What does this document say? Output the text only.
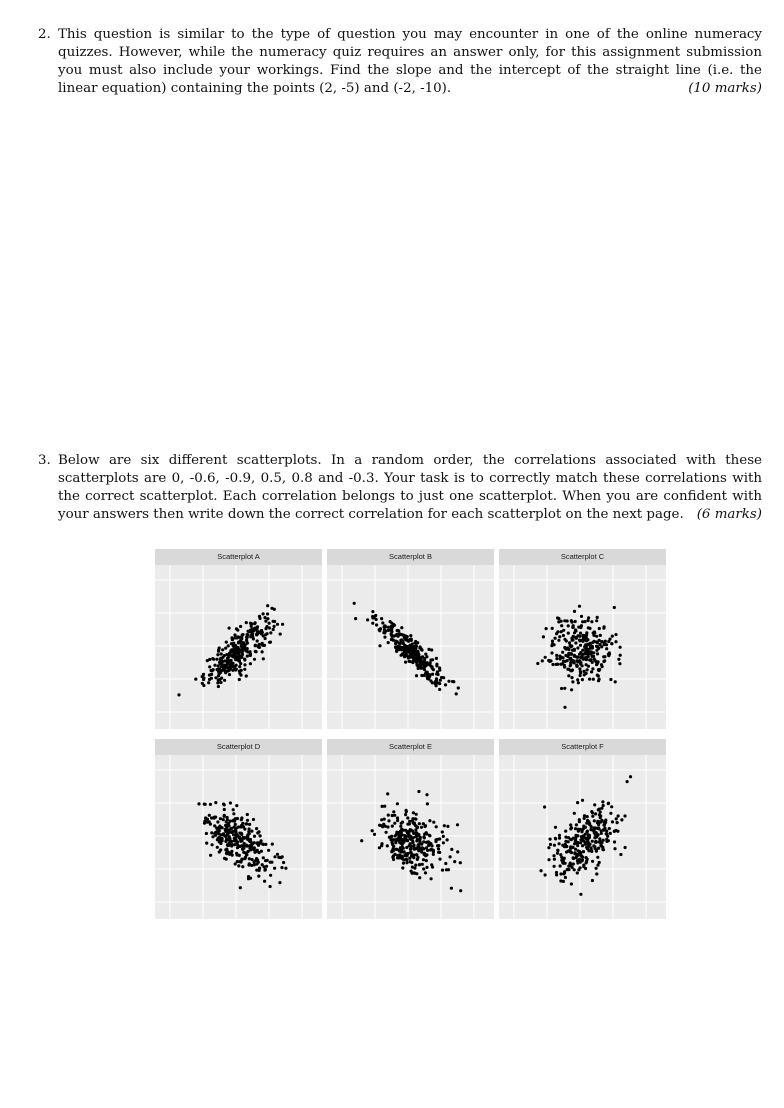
2. This question is similar to the type of question you may encounter in one of the online numeracy quizzes. However, while the numeracy quiz requires an answer only, for this assignment submission you must also include your workings. Find the slope and the intercept of the straight line (i.e. the linear equation) containing the points (2, -5) and (-2, -10).
3. Below are six different scatterplots. In a random order, the correlations associated with these scatterplots are 0, -0.6, -0.9, 0.5, 0.8 and -0.3. Your task is to correctly match these correlations with the correct scatterplot. Each correlation belongs to just one scatterplot. When you are confident with your answers then write down the correct correlation for each scatterplot on the next page.
(10 marks)
(6 marks)
Scatterplot A	Scatterplot B	Scatterplot C
Scatterplot D	Scatterplot E	Scatterplot F
